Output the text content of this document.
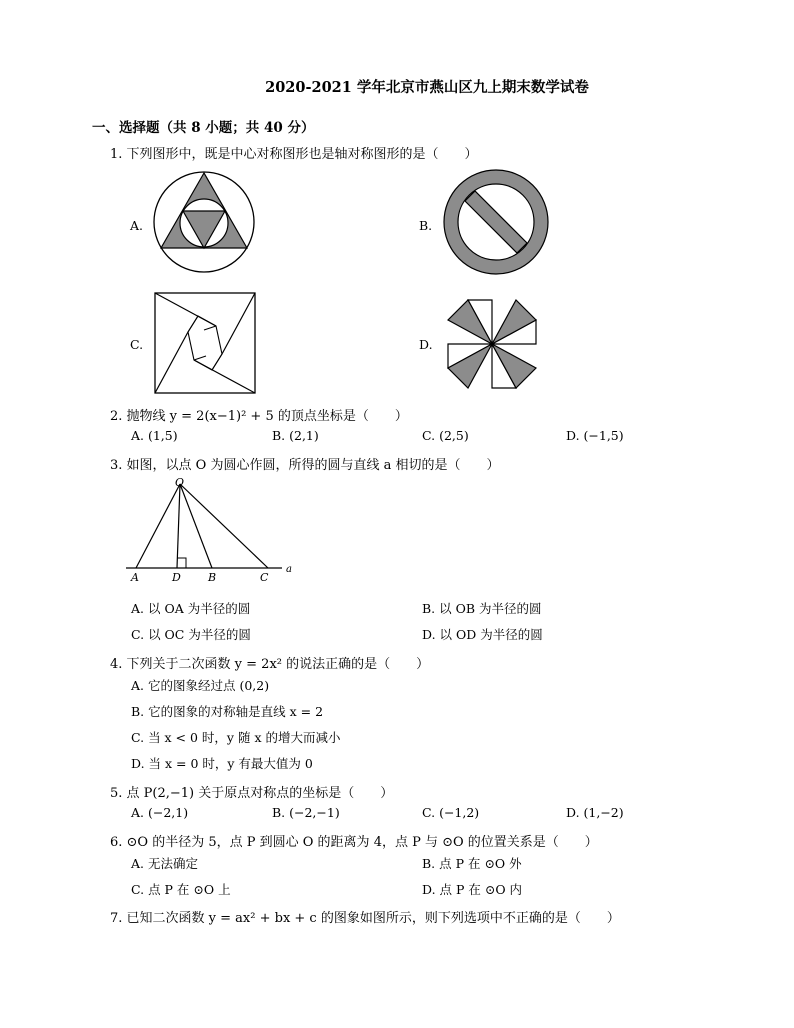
2020-2021 学年北京市燕山区九上期末数学试卷
一、选择题（共 8 小题；共 40 分）
1. 下列图形中，既是中心对称图形也是轴对称图形的是（　　）
A.	B.
C.	D.
2. 抛物线 y = 2(x−1)² + 5 的顶点坐标是（　　）
A. (1,5)	B. (2,1)	C. (2,5)	D. (−1,5)
3. 如图，以点 O 为圆心作圆，所得的圆与直线 a 相切的是（　　）
O
A	D B	C
a
A. 以 OA 为半径的圆	B. 以 OB 为半径的圆
C. 以 OC 为半径的圆	D. 以 OD 为半径的圆
4. 下列关于二次函数 y = 2x² 的说法正确的是（　　）
A. 它的图象经过点 (0,2)
B. 它的图象的对称轴是直线 x = 2
C. 当 x < 0 时，y 随 x 的增大而减小
D. 当 x = 0 时，y 有最大值为 0
5. 点 P(2,−1) 关于原点对称点的坐标是（　　）
A. (−2,1)	B. (−2,−1)	C. (−1,2)	D. (1,−2)
6. ⊙O 的半径为 5，点 P 到圆心 O 的距离为 4，点 P 与 ⊙O 的位置关系是（　　）
A. 无法确定	B. 点 P 在 ⊙O 外
C. 点 P 在 ⊙O 上	D. 点 P 在 ⊙O 内
7. 已知二次函数 y = ax² + bx + c 的图象如图所示，则下列选项中不正确的是（　　）
